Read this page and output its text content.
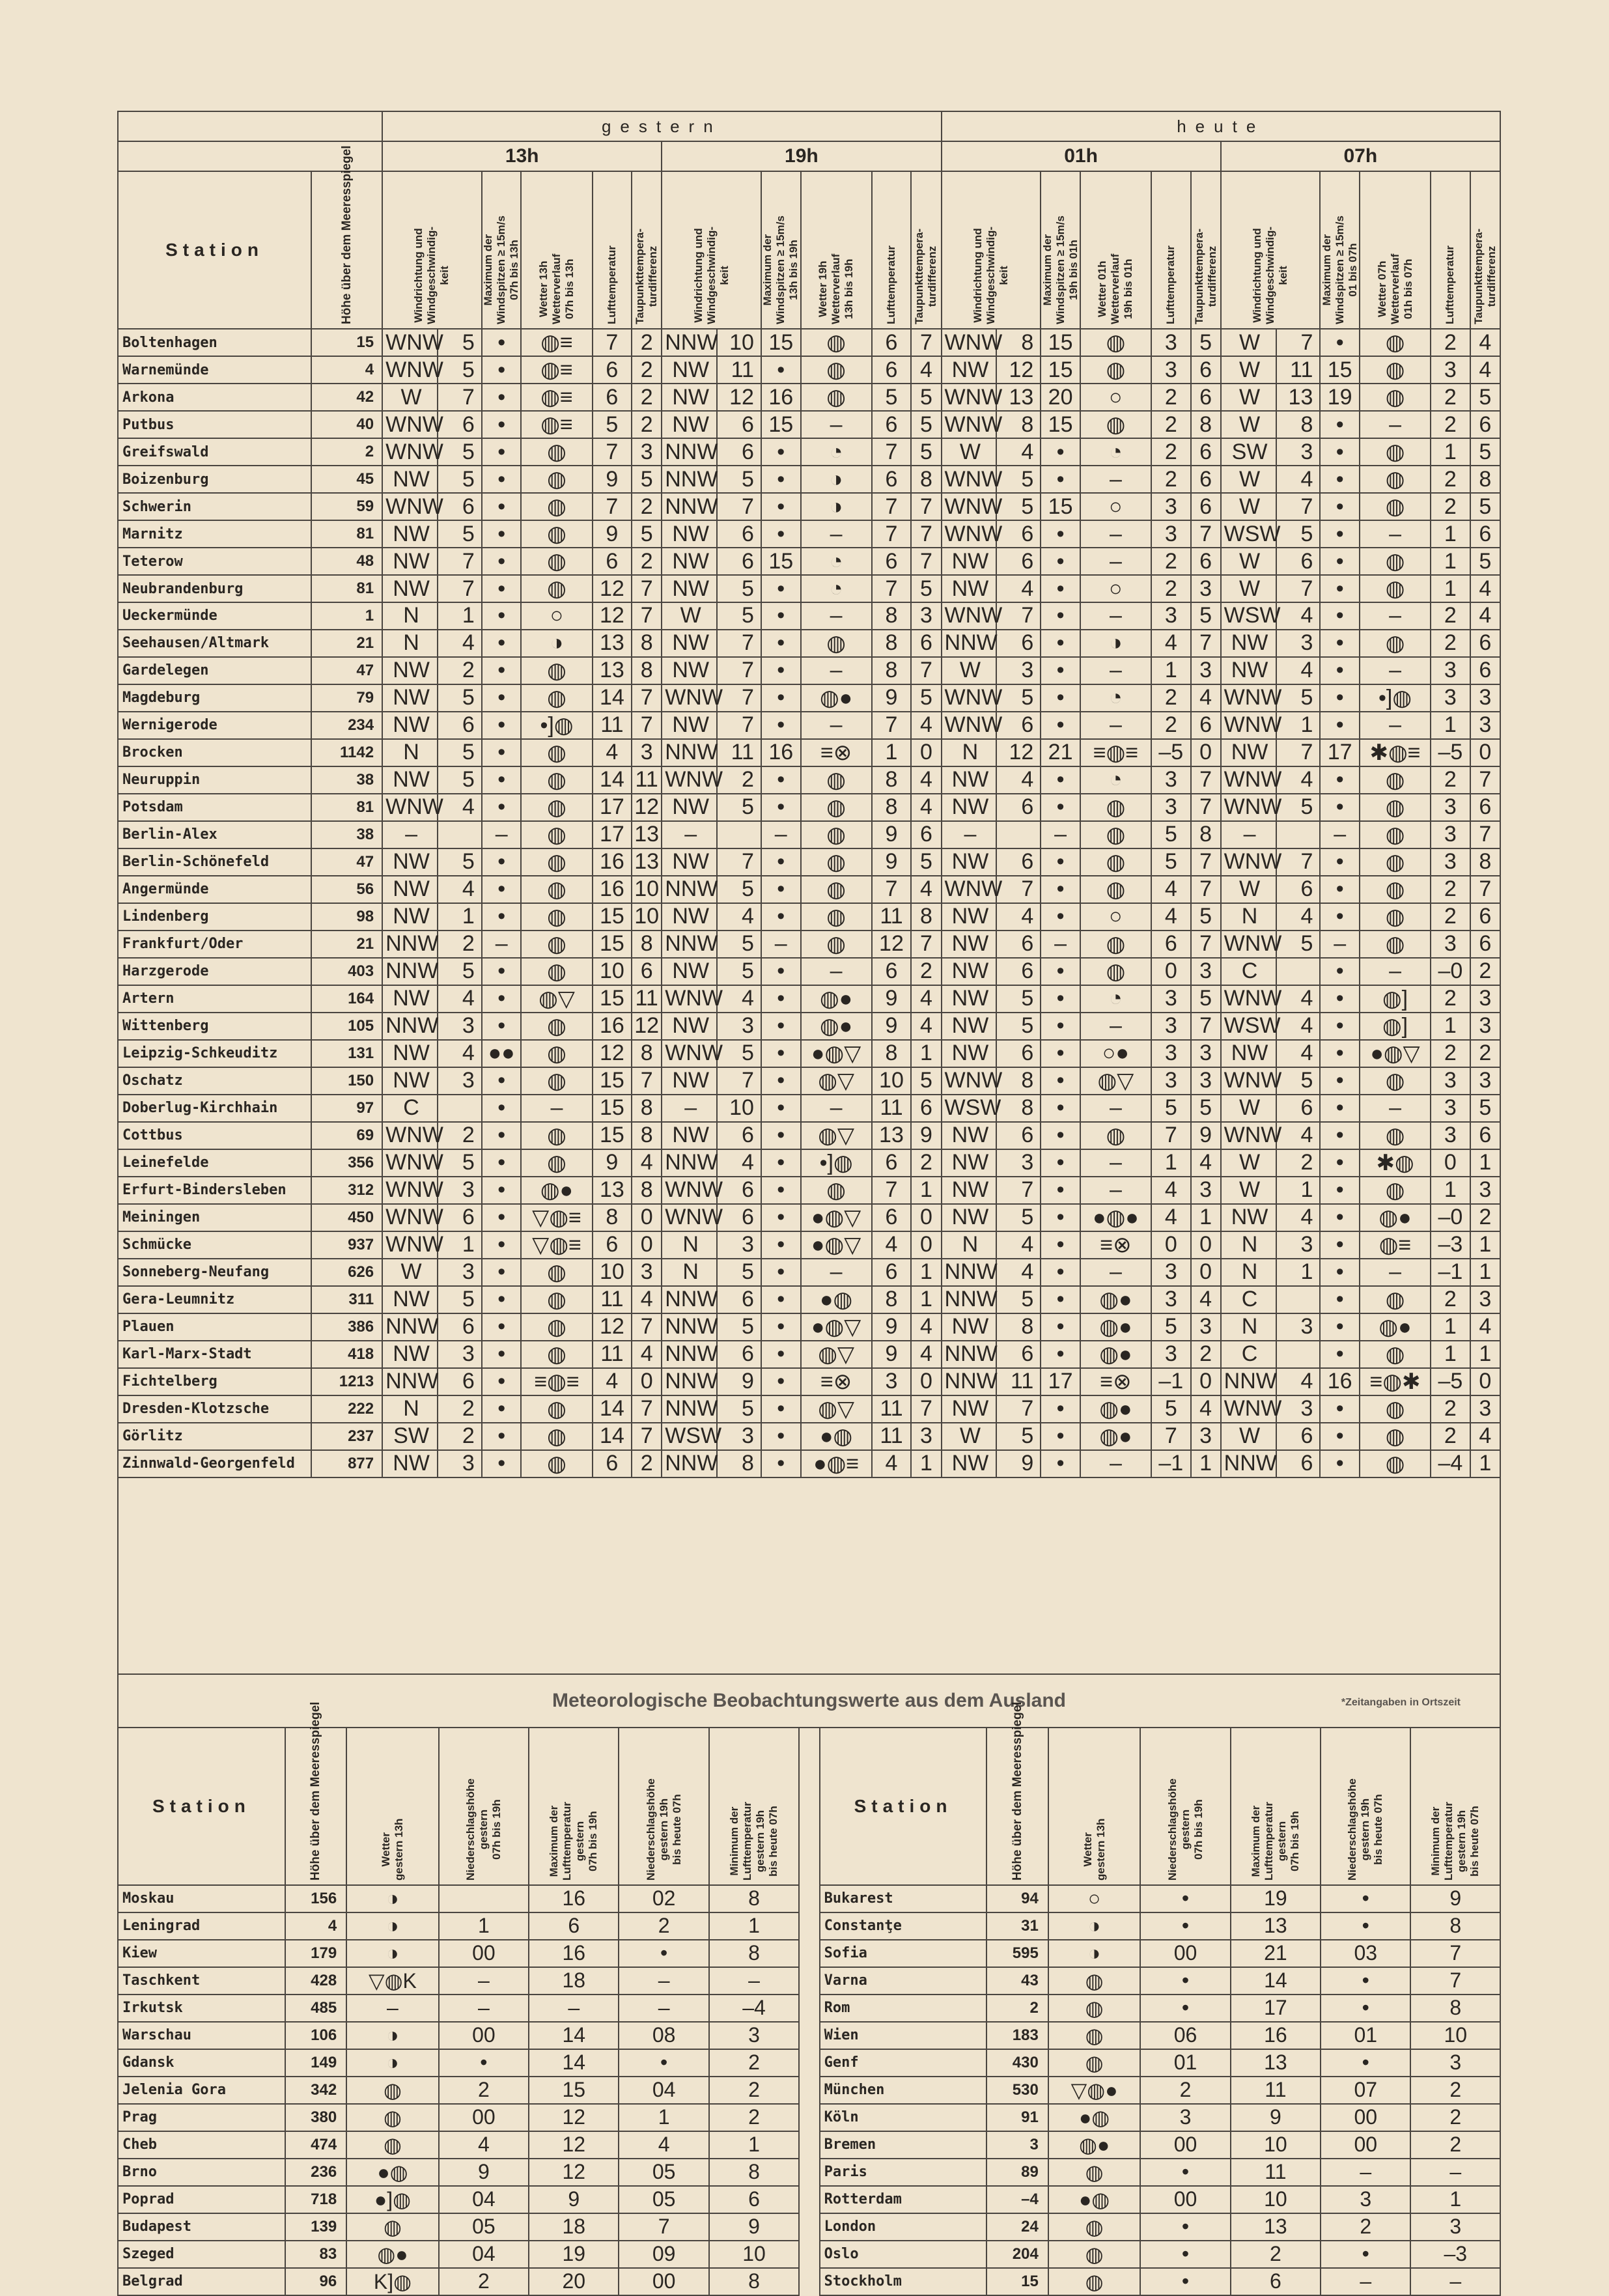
		gestern												heute											
		13h						19h						01h						07h					
Station	Höhe über dem Meeresspiegel	Windrichtung und
Windgeschwindig-
keit		Maximum der
Windspitzen ≥ 15m/s
07h bis 13h	Wetter 13h
Wetterverlauf
07h bis 13h	Lufttemperatur	Taupunkttempera-
turdifferenz	Windrichtung und
Windgeschwindig-
keit		Maximum der
Windspitzen ≥ 15m/s
13h bis 19h	Wetter 19h
Wetterverlauf
13h bis 19h	Lufttemperatur	Taupunkttempera-
turdifferenz	Windrichtung und
Windgeschwindig-
keit		Maximum der
Windspitzen ≥ 15m/s
19h bis 01h	Wetter 01h
Wetterverlauf
19h bis 01h	Lufttemperatur	Taupunkttempera-
turdifferenz	Windrichtung und
Windgeschwindig-
keit		Maximum der
Windspitzen ≥ 15m/s
01 bis 07h	Wetter 07h
Wetterverlauf
01h bis 07h	Lufttemperatur	Taupunkttempera-
turdifferenz

Boltenhagen	15	WNW	5	•	◍≡	7	2	NNW	10	15	◍	6	7	WNW	8	15	◍	3	5	W	7	•	◍	2	4
Warnemünde	4	WNW	5	•	◍≡	6	2	NW	11	•	◍	6	4	NW	12	15	◍	3	6	W	11	15	◍	3	4
Arkona	42	W	7	•	◍≡	6	2	NW	12	16	◍	5	5	WNW	13	20	○	2	6	W	13	19	◍	2	5
Putbus	40	WNW	6	•	◍≡	5	2	NW	6	15	–	6	5	WNW	8	15	◍	2	8	W	8	•	–	2	6
Greifswald	2	WNW	5	•	◍	7	3	NNW	6	•	◔	7	5	W	4	•	◔	2	6	SW	3	•	◍	1	5
Boizenburg	45	NW	5	•	◍	9	5	NNW	5	•	◑	6	8	WNW	5	•	–	2	6	W	4	•	◍	2	8
Schwerin	59	WNW	6	•	◍	7	2	NNW	7	•	◑	7	7	WNW	5	15	○	3	6	W	7	•	◍	2	5
Marnitz	81	NW	5	•	◍	9	5	NW	6	•	–	7	7	WNW	6	•	–	3	7	WSW	5	•	–	1	6
Teterow	48	NW	7	•	◍	6	2	NW	6	15	◔	6	7	NW	6	•	–	2	6	W	6	•	◍	1	5
Neubrandenburg	81	NW	7	•	◍	12	7	NW	5	•	◔	7	5	NW	4	•	○	2	3	W	7	•	◍	1	4
Ueckermünde	1	N	1	•	○	12	7	W	5	•	–	8	3	WNW	7	•	–	3	5	WSW	4	•	–	2	4
Seehausen/Altmark	21	N	4	•	◑	13	8	NW	7	•	◍	8	6	NNW	6	•	◑	4	7	NW	3	•	◍	2	6
Gardelegen	47	NW	2	•	◍	13	8	NW	7	•	–	8	7	W	3	•	–	1	3	NW	4	•	–	3	6
Magdeburg	79	NW	5	•	◍	14	7	WNW	7	•	◍●	9	5	WNW	5	•	◔	2	4	WNW	5	•	•]◍	3	3
Wernigerode	234	NW	6	•	•]◍	11	7	NW	7	•	–	7	4	WNW	6	•	–	2	6	WNW	1	•	–	1	3
Brocken	1142	N	5	•	◍	4	3	NNW	11	16	≡⊗	1	0	N	12	21	≡◍≡	–5	0	NW	7	17	✱◍≡	–5	0
Neuruppin	38	NW	5	•	◍	14	11	WNW	2	•	◍	8	4	NW	4	•	◔	3	7	WNW	4	•	◍	2	7
Potsdam	81	WNW	4	•	◍	17	12	NW	5	•	◍	8	4	NW	6	•	◍	3	7	WNW	5	•	◍	3	6
Berlin-Alex	38	–		–	◍	17	13	–		–	◍	9	6	–		–	◍	5	8	–		–	◍	3	7
Berlin-Schönefeld	47	NW	5	•	◍	16	13	NW	7	•	◍	9	5	NW	6	•	◍	5	7	WNW	7	•	◍	3	8
Angermünde	56	NW	4	•	◍	16	10	NNW	5	•	◍	7	4	WNW	7	•	◍	4	7	W	6	•	◍	2	7
Lindenberg	98	NW	1	•	◍	15	10	NW	4	•	◍	11	8	NW	4	•	○	4	5	N	4	•	◍	2	6
Frankfurt/Oder	21	NNW	2	–	◍	15	8	NNW	5	–	◍	12	7	NW	6	–	◍	6	7	WNW	5	–	◍	3	6
Harzgerode	403	NNW	5	•	◍	10	6	NW	5	•	–	6	2	NW	6	•	◍	0	3	C		•	–	–0	2
Artern	164	NW	4	•	◍▽	15	11	WNW	4	•	◍●	9	4	NW	5	•	◔	3	5	WNW	4	•	◍]	2	3
Wittenberg	105	NNW	3	•	◍	16	12	NW	3	•	◍●	9	4	NW	5	•	–	3	7	WSW	4	•	◍]	1	3
Leipzig-Schkeuditz	131	NW	4	●●	◍	12	8	WNW	5	•	●◍▽	8	1	NW	6	•	○●	3	3	NW	4	•	●◍▽	2	2
Oschatz	150	NW	3	•	◍	15	7	NW	7	•	◍▽	10	5	WNW	8	•	◍▽	3	3	WNW	5	•	◍	3	3
Doberlug-Kirchhain	97	C		•	–	15	8	–	10	•	–	11	6	WSW	8	•	–	5	5	W	6	•	–	3	5
Cottbus	69	WNW	2	•	◍	15	8	NW	6	•	◍▽	13	9	NW	6	•	◍	7	9	WNW	4	•	◍	3	6
Leinefelde	356	WNW	5	•	◍	9	4	NNW	4	•	•]◍	6	2	NW	3	•	–	1	4	W	2	•	✱◍	0	1
Erfurt-Bindersleben	312	WNW	3	•	◍●	13	8	WNW	6	•	◍	7	1	NW	7	•	–	4	3	W	1	•	◍	1	3
Meiningen	450	WNW	6	•	▽◍≡	8	0	WNW	6	•	●◍▽	6	0	NW	5	•	●◍●	4	1	NW	4	•	◍●	–0	2
Schmücke	937	WNW	1	•	▽◍≡	6	0	N	3	•	●◍▽	4	0	N	4	•	≡⊗	0	0	N	3	•	◍≡	–3	1
Sonneberg-Neufang	626	W	3	•	◍	10	3	N	5	•	–	6	1	NNW	4	•	–	3	0	N	1	•	–	–1	1
Gera-Leumnitz	311	NW	5	•	◍	11	4	NNW	6	•	●◍	8	1	NNW	5	•	◍●	3	4	C		•	◍	2	3
Plauen	386	NNW	6	•	◍	12	7	NNW	5	•	●◍▽	9	4	NW	8	•	◍●	5	3	N	3	•	◍●	1	4
Karl-Marx-Stadt	418	NW	3	•	◍	11	4	NNW	6	•	◍▽	9	4	NNW	6	•	◍●	3	2	C		•	◍	1	1
Fichtelberg	1213	NNW	6	•	≡◍≡	4	0	NNW	9	•	≡⊗	3	0	NNW	11	17	≡⊗	–1	0	NNW	4	16	≡◍✱	–5	0
Dresden-Klotzsche	222	N	2	•	◍	14	7	NNW	5	•	◍▽	11	7	NW	7	•	◍●	5	4	WNW	3	•	◍	2	3
Görlitz	237	SW	2	•	◍	14	7	WSW	3	•	●◍	11	3	W	5	•	◍●	7	3	W	6	•	◍	2	4
Zinnwald-Georgenfeld	877	NW	3	•	◍	6	2	NNW	8	•	●◍≡	4	1	NW	9	•	–	–1	1	NNW	6	•	◍	–4	1
Meteorologische Beobachtungswerte aus dem Ausland *Zeitangaben in Ortszeit														

Station	Höhe über dem Meeresspiegel	Wetter
gestern 13h	Niederschlagshöhe
gestern
07h bis 19h	Maximum der
Lufttemperatur
gestern
07h bis 19h	Niederschlagshöhe
gestern 19h
bis heute 07h	Minimum der
Lufttemperatur
gestern 19h
bis heute 07h		Station	Höhe über dem Meeresspiegel	Wetter
gestern 13h	Niederschlagshöhe
gestern
07h bis 19h	Maximum der
Lufttemperatur
gestern
07h bis 19h	Niederschlagshöhe
gestern 19h
bis heute 07h	Minimum der
Lufttemperatur
gestern 19h
bis heute 07h

Moskau	156	◑		16	02	8		Bukarest	94	○	•	19	•	9
Leningrad	4	◑	1	6	2	1		Constanţe	31	◑	•	13	•	8
Kiew	179	◑	00	16	•	8		Sofia	595	◑	00	21	03	7
Taschkent	428	▽◍K	–	18	–	–		Varna	43	◍	•	14	•	7
Irkutsk	485	–	–	–	–	–4		Rom	2	◍	•	17	•	8
Warschau	106	◑	00	14	08	3		Wien	183	◍	06	16	01	10
Gdansk	149	◑	•	14	•	2		Genf	430	◍	01	13	•	3
Jelenia Gora	342	◍	2	15	04	2		München	530	▽◍●	2	11	07	2
Prag	380	◍	00	12	1	2		Köln	91	●◍	3	9	00	2
Cheb	474	◍	4	12	4	1		Bremen	3	◍●	00	10	00	2
Brno	236	●◍	9	12	05	8		Paris	89	◍	•	11	–	–
Poprad	718	●]◍	04	9	05	6		Rotterdam	–4	●◍	00	10	3	1
Budapest	139	◍	05	18	7	9		London	24	◍	•	13	2	3
Szeged	83	◍●	04	19	09	10		Oslo	204	◍	•	2	•	–3
Belgrad	96	K]◍	2	20	00	8		Stockholm	15	◍	•	6	–	–
